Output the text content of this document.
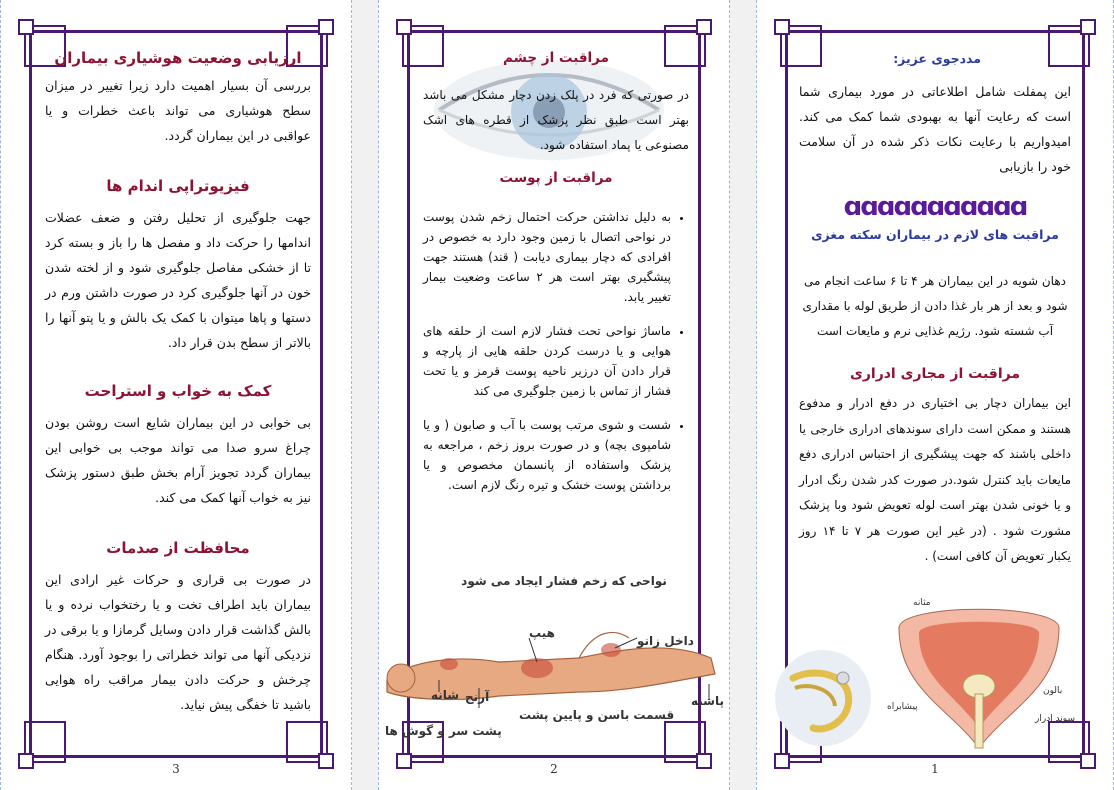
ارزیابی وضعیت هوشیاری بیماران

بررسی آن بسیار اهمیت دارد زیرا تغییر در میزان سطح هوشیاری می تواند باعث خطرات و یا عواقبی در این بیماران گردد.

فیزیوتراپی اندام ها

جهت جلوگیری از تحلیل رفتن و ضعف عضلات اندامها را حرکت داد و مفصل ها را باز و بسته کرد تا از خشکی مفاصل جلوگیری شود و از لخته شدن خون در آنها جلوگیری کرد در صورت داشتن ورم در دستها و پاها میتوان با کمک یک بالش و یا پتو آنها را بالاتر از سطح بدن قرار داد.

کمک به خواب و استراحت

بی خوابی در این بیماران شایع است روشن بودن چراغ سرو صدا می تواند موجب بی خوابی این بیماران گردد تجویز آرام بخش طبق دستور پزشک نیز به خواب آنها کمک می کند.

محافظت از صدمات

در صورت بی قراری و حرکات غیر ارادی این بیماران باید اطراف تخت و یا رختخواب نرده و یا بالش گذاشت قرار دادن وسایل گرمازا و یا برقی در نزدیکی آنها می تواند خطراتی را بوجود آورد. هنگام چرخش و حرکت دادن بیمار مراقب راه هوایی باشید تا خفگی پیش نیاید.

3

مراقبت از چشم

در صورتی که فرد در پلک زدن دچار مشکل می باشد بهتر است طبق نظر پزشک از قطره های اشک مصنوعی یا پماد استفاده شود.

مراقبت از پوست

• به دلیل نداشتن حرکت احتمال زخم شدن پوست در نواحی اتصال با زمین وجود دارد به خصوص در افرادی که دچار بیماری دیابت ( قند) هستند جهت پیشگیری بهتر است هر ۲ ساعت وضعیت بیمار تغییر یابد.
• ماساژ نواحی تحت فشار لازم است از حلقه های هوایی و یا درست کردن حلقه هایی از پارچه و قرار دادن آن درزیر ناحیه پوست قرمز و یا تحت فشار از تماس با زمین جلوگیری می کند
• شست و شوی مرتب پوست با آب و صابون ( و یا شامپوی بچه) و در صورت بروز زخم ، مراجعه به پزشک واستفاده از پانسمان مخصوص و یا برداشتن پوست خشک و تیره رنگ لازم است.
نواحی که زخم فشار ایجاد می شود
هیپ
داخل زانو
پاشنه
آرنج
شانه
قسمت باسن و پایین پشت
پشت سر و گوش ها
2

مددجوی عزیز:

این پمفلت شامل اطلاعاتی در مورد بیماری شما است که رعایت آنها به بهبودی شما کمک می کند. امیدواریم با رعایت نکات ذکر شده در آن سلامت خود را بازیابی

ɑɑɑɑɑɑɑɑɑɑɑ

مراقبت های لازم در بیماران سکته مغزی

دهان شویه در این بیماران هر ۴ تا ۶ ساعت انجام می شود و بعد از هر بار غذا دادن از طریق لوله با مقداری آب شسته شود. رژیم غذایی نرم و مایعات است

مراقبت از مجاری ادراری

این بیماران دچار بی اختیاری در دفع ادرار و مدفوع هستند و ممکن است دارای سوندهای ادراری خارجی یا داخلی باشند که جهت پیشگیری از احتباس ادراری دفع مایعات باید کنترل شود.در صورت کدر شدن رنگ ادرار و یا خونی شدن بهتر است لوله تعویض شود وبا پزشک مشورت شود . (در غیر این صورت هر ۷ تا ۱۴ روز یکبار تعویض آن کافی است) .

مثانه
بالون
پیشابراه
سوند ادرار
1
